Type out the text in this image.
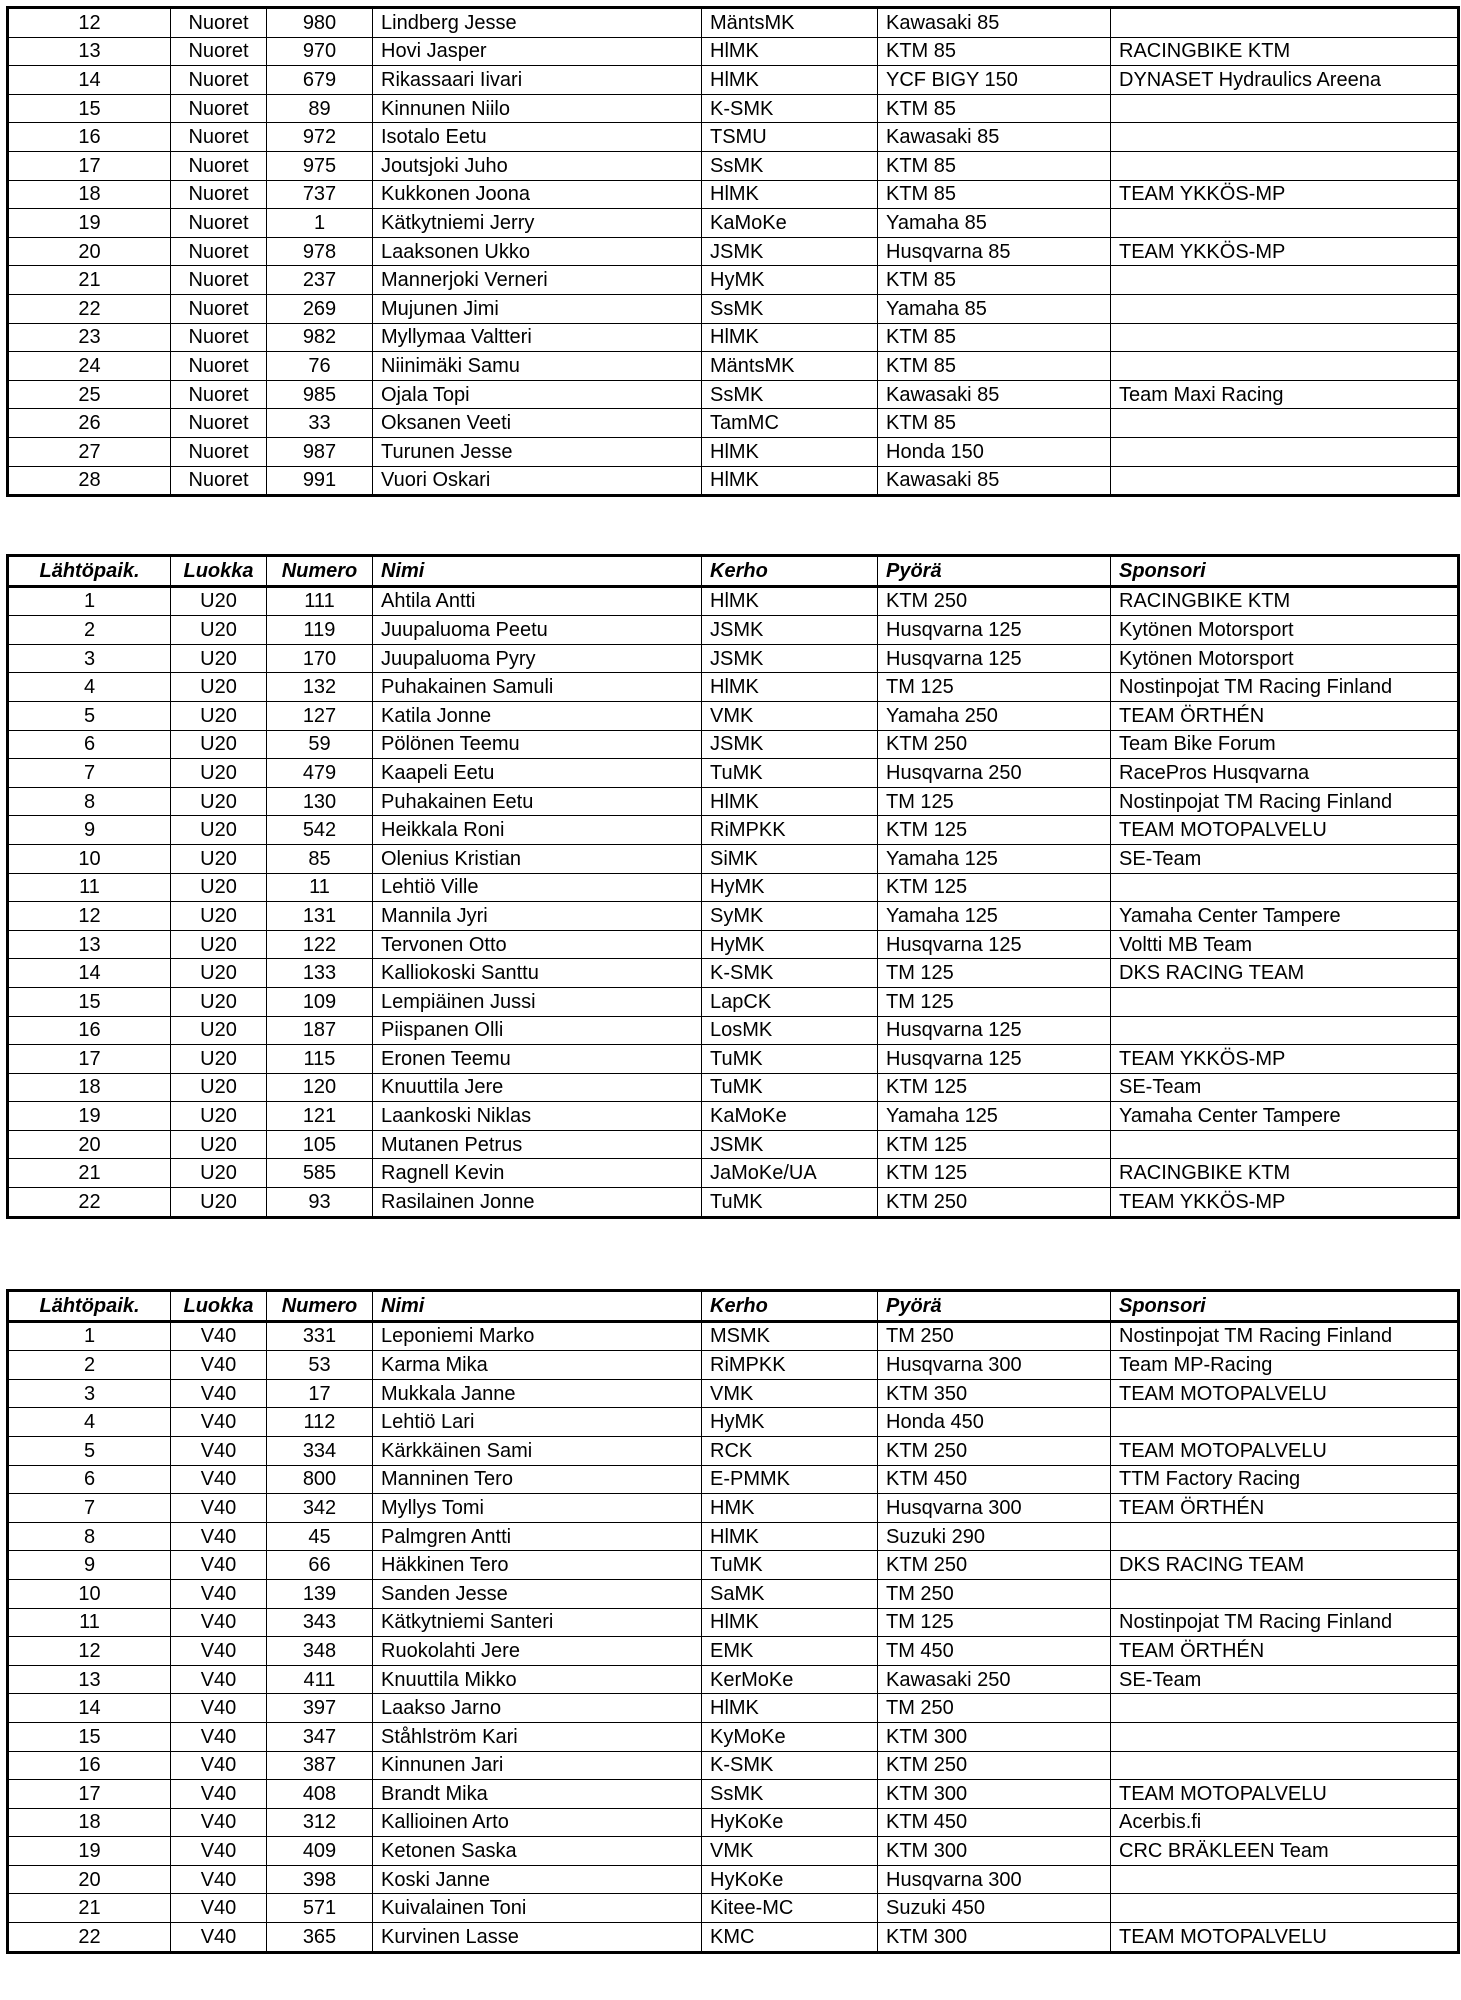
12	Nuoret	980	Lindberg Jesse	MäntsMK	Kawasaki 85	
13	Nuoret	970	Hovi Jasper	HlMK	KTM 85	RACINGBIKE KTM
14	Nuoret	679	Rikassaari Iivari	HlMK	YCF BIGY 150	DYNASET Hydraulics Areena
15	Nuoret	89	Kinnunen Niilo	K-SMK	KTM 85	
16	Nuoret	972	Isotalo Eetu	TSMU	Kawasaki 85	
17	Nuoret	975	Joutsjoki Juho	SsMK	KTM 85	
18	Nuoret	737	Kukkonen Joona	HlMK	KTM 85	TEAM YKKÖS-MP
19	Nuoret	1	Kätkytniemi Jerry	KaMoKe	Yamaha 85	
20	Nuoret	978	Laaksonen Ukko	JSMK	Husqvarna 85	TEAM YKKÖS-MP
21	Nuoret	237	Mannerjoki Verneri	HyMK	KTM 85	
22	Nuoret	269	Mujunen Jimi	SsMK	Yamaha 85	
23	Nuoret	982	Myllymaa Valtteri	HlMK	KTM 85	
24	Nuoret	76	Niinimäki Samu	MäntsMK	KTM 85	
25	Nuoret	985	Ojala Topi	SsMK	Kawasaki 85	Team Maxi Racing
26	Nuoret	33	Oksanen Veeti	TamMC	KTM 85	
27	Nuoret	987	Turunen Jesse	HlMK	Honda 150	
28	Nuoret	991	Vuori Oskari	HlMK	Kawasaki 85	
Lähtöpaik.	Luokka	Numero	Nimi	Kerho	Pyörä	Sponsori
1	U20	111	Ahtila Antti	HlMK	KTM 250	RACINGBIKE KTM
2	U20	119	Juupaluoma Peetu	JSMK	Husqvarna 125	Kytönen Motorsport
3	U20	170	Juupaluoma Pyry	JSMK	Husqvarna 125	Kytönen Motorsport
4	U20	132	Puhakainen Samuli	HlMK	TM 125	Nostinpojat TM Racing Finland
5	U20	127	Katila Jonne	VMK	Yamaha 250	TEAM ÖRTHÉN
6	U20	59	Pölönen Teemu	JSMK	KTM 250	Team Bike Forum
7	U20	479	Kaapeli Eetu	TuMK	Husqvarna 250	RacePros Husqvarna
8	U20	130	Puhakainen Eetu	HlMK	TM 125	Nostinpojat TM Racing Finland
9	U20	542	Heikkala Roni	RiMPKK	KTM 125	TEAM MOTOPALVELU
10	U20	85	Olenius Kristian	SiMK	Yamaha 125	SE-Team
11	U20	11	Lehtiö Ville	HyMK	KTM 125	
12	U20	131	Mannila Jyri	SyMK	Yamaha 125	Yamaha Center Tampere
13	U20	122	Tervonen Otto	HyMK	Husqvarna 125	Voltti MB Team
14	U20	133	Kalliokoski Santtu	K-SMK	TM 125	DKS RACING TEAM
15	U20	109	Lempiäinen Jussi	LapCK	TM 125	
16	U20	187	Piispanen Olli	LosMK	Husqvarna 125	
17	U20	115	Eronen Teemu	TuMK	Husqvarna 125	TEAM YKKÖS-MP
18	U20	120	Knuuttila Jere	TuMK	KTM 125	SE-Team
19	U20	121	Laankoski Niklas	KaMoKe	Yamaha 125	Yamaha Center Tampere
20	U20	105	Mutanen Petrus	JSMK	KTM 125	
21	U20	585	Ragnell Kevin	JaMoKe/UA	KTM 125	RACINGBIKE KTM
22	U20	93	Rasilainen Jonne	TuMK	KTM 250	TEAM YKKÖS-MP
Lähtöpaik.	Luokka	Numero	Nimi	Kerho	Pyörä	Sponsori
1	V40	331	Leponiemi Marko	MSMK	TM 250	Nostinpojat TM Racing Finland
2	V40	53	Karma Mika	RiMPKK	Husqvarna 300	Team MP-Racing
3	V40	17	Mukkala Janne	VMK	KTM 350	TEAM MOTOPALVELU
4	V40	112	Lehtiö Lari	HyMK	Honda 450	
5	V40	334	Kärkkäinen Sami	RCK	KTM 250	TEAM MOTOPALVELU
6	V40	800	Manninen Tero	E-PMMK	KTM 450	TTM Factory Racing
7	V40	342	Myllys Tomi	HMK	Husqvarna 300	TEAM ÖRTHÉN
8	V40	45	Palmgren Antti	HlMK	Suzuki 290	
9	V40	66	Häkkinen Tero	TuMK	KTM 250	DKS RACING TEAM
10	V40	139	Sanden Jesse	SaMK	TM 250	
11	V40	343	Kätkytniemi Santeri	HlMK	TM 125	Nostinpojat TM Racing Finland
12	V40	348	Ruokolahti Jere	EMK	TM 450	TEAM ÖRTHÉN
13	V40	411	Knuuttila Mikko	KerMoKe	Kawasaki 250	SE-Team
14	V40	397	Laakso Jarno	HlMK	TM 250	
15	V40	347	Ståhlström Kari	KyMoKe	KTM 300	
16	V40	387	Kinnunen Jari	K-SMK	KTM 250	
17	V40	408	Brandt Mika	SsMK	KTM 300	TEAM MOTOPALVELU
18	V40	312	Kallioinen Arto	HyKoKe	KTM 450	Acerbis.fi
19	V40	409	Ketonen Saska	VMK	KTM 300	CRC BRÄKLEEN Team
20	V40	398	Koski Janne	HyKoKe	Husqvarna 300	
21	V40	571	Kuivalainen Toni	Kitee-MC	Suzuki 450	
22	V40	365	Kurvinen Lasse	KMC	KTM 300	TEAM MOTOPALVELU
